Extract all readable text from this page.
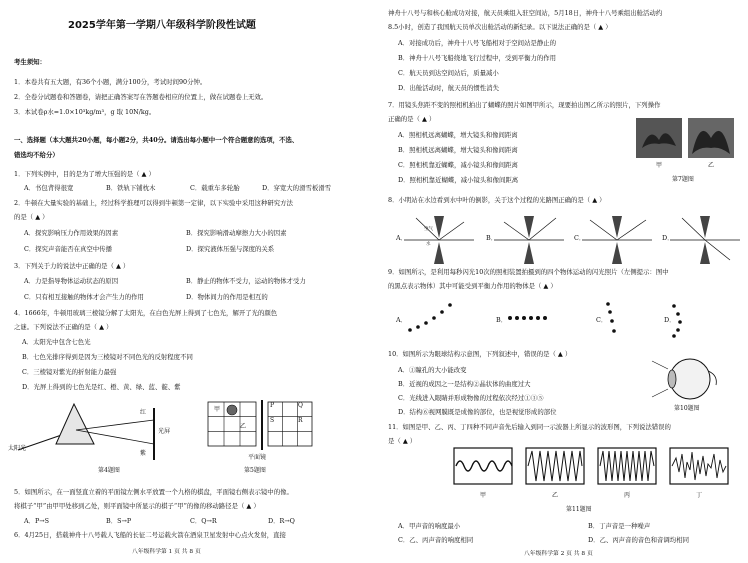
2025学年第一学期八年级科学阶段性试题
考生须知：
1．本卷共有五大题，有36个小题，满分100分，考试时间90分钟。
2．全卷分试题卷和答题卷，请把正确答案写在答题卷相应的位置上，做在试题卷上无效。
3．本试卷ρ水=1.0×10³kg/m³，g 取 10N/kg。
一、选择题（本大题共20小题，每小题2分，共40分。请选出每小题中一个符合题意的选项，不选、
错选均不给分）
1．下列实例中，目的是为了增大压强的是（ ▲ ）
A．书包背得很宽	B．铁轨下铺枕木	C．载重车多轮胎	D．穿宽大的滑雪板滑雪
2．牛顿在大量实验的基础上，经过科学推理可以得到牛顿第一定律，以下实验中采用这种研究方法
的是（ ▲ ）
A．探究影响压力作用效果的因素	B．探究影响滑动摩擦力大小的因素
C．探究声音能否在真空中传播	D．探究液体压强与深度的关系
3．下列关于力的说法中正确的是（ ▲ ）
A．力是指导物体运动状态的原因	B．静止的物体不受力，运动的物体才受力
C．只有相互接触的物体才会产生力的作用	D．物体间力的作用是相互的
4．1666年，牛顿用玻璃三棱镜分解了太阳光，在白色光屏上得到了七色光，解开了光的颜色
之谜。下列说法不正确的是（ ▲ ）
A．太阳光中包含七色光
B．七色光排序得到是因为三棱镜对不同色光的反射程度不同
C．三棱镜对紫光的折射能力最强
D．光屏上得到的七色光是红、橙、黄、绿、蓝、靛、紫
太阳光
红
紫
光屏
第4题图
甲
乙
P	Q
R
S
平面镜
第5题图
5．如图所示，在一面竖直立着的平面镜左侧水平放置一个九格的棋盘，平面镜右侧表示镜中的像。
将棋子“甲”由甲甲处移到乙处，则平面镜中所显示的棋子“甲”的像的移动路径是（ ▲ ）
A．P→S	B．S→P	C．Q→R	D．R→Q
6．4月25日，搭载神舟十八号载人飞船的长征二号运载火箭在酒泉卫星发射中心点火发射，直接
八年级科学第 1 页 共 8 页
神舟十八号与和核心舱成功对接，航天员乘组入驻空间站，5月18日，神舟十八号乘组出舱活动约
8.5小时，创造了我国航天员单次出舱活动的新纪录。以下说法正确的是（ ▲ ）
A．对接成功后，神舟十八号飞船相对于空间站是静止的
B．神舟十八号飞船绕地飞行过程中，受到平衡力的作用
C．航天员到达空间站后，质量减小
D．出舱活动时，航天员的惯性消失
7．用镜头焦距不变的照相机拍出了蝴蝶的照片如图甲所示，现要拍出图乙所示的照片，下列操作
正确的是（ ▲ ）
A．照相机远离蝴蝶，增大镜头和像间距离
B．照相机远离蝴蝶，增大镜头和像间距离
C．照相机靠近蝴蝶，减小镜头和像间距离
D．照相机靠近蝴蝶，减小镜头和像间距离
甲	乙
第7题图
8．小明站在水边看到水中叶的倒影，关于这个过程的光路图正确的是（ ▲ ）
A．	B．	C．	D．
空气
水
9．如图所示，是利用每秒闪光10次的照相装置拍摄到的四个物体运动的闪光照片（左侧提示：图中
的黑点表示物体）其中可能受到平衡力作用的物体是（ ▲ ）
A．	B．	C．	D．
10．如图所示为眼球结构示意图，下列叙述中，错误的是（ ▲ ）
A．①瞳孔的大小能改变
B．近视的成因之一是结构②晶状体的曲度过大
C．光线进入眼睛并形成物像的过程依次经过①③⑤
D．结构⑥视网膜既是成像的部位，也是视觉形成的部位	第10题图
11．如图是甲、乙、丙、丁四种不同声音先后输入到同一示波器上所显示的波形图，下列说法错误的
是（ ▲ ）
甲	乙	丙	丁
第11题图
A．甲声音的响度最小	B．丁声音是一种噪声
C．乙、丙声音的响度相同	D．乙、丙声音的音色和音调均相同
八年级科学第 2 页 共 8 页
